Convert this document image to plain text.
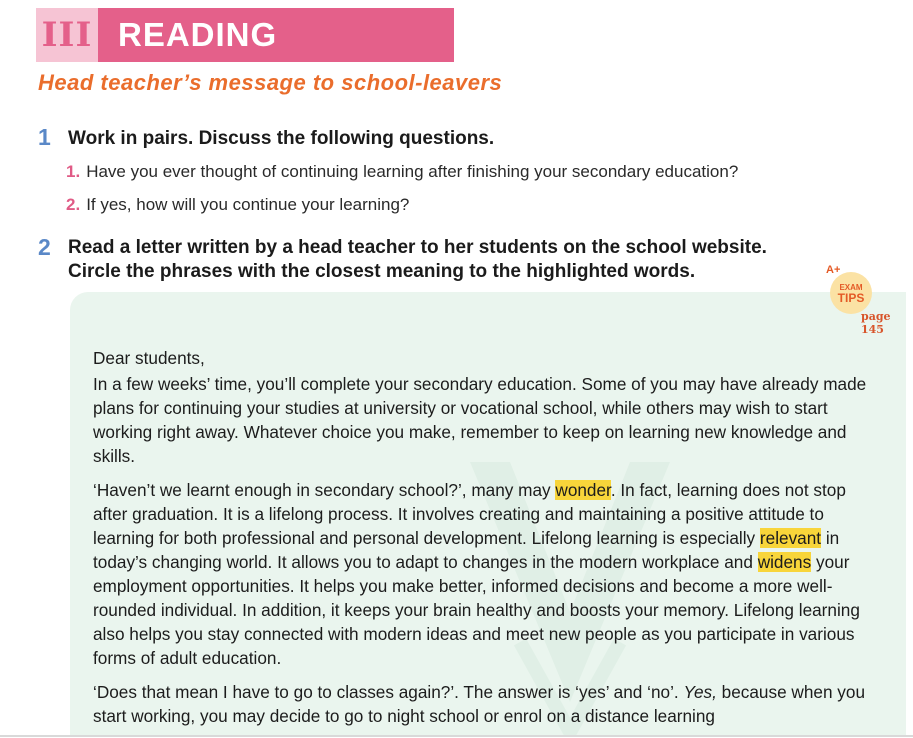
III READING
Head teacher’s message to school-leavers
1 Work in pairs. Discuss the following questions.
1. Have you ever thought of continuing learning after finishing your secondary education?
2. If yes, how will you continue your learning?
2 Read a letter written by a head teacher to her students on the school website.
Circle the phrases with the closest meaning to the highlighted words.
EXAM
TIPS
A+
page 145

Dear students,

In a few weeks’ time, you’ll complete your secondary education. Some of you may have already made plans for continuing your studies at university or vocational school, while others may wish to start working right away. Whatever choice you make, remember to keep on learning new knowledge and skills.

‘Haven’t we learnt enough in secondary school?’, many may wonder. In fact, learning does not stop after graduation. It is a lifelong process. It involves creating and maintaining a positive attitude to learning for both professional and personal development. Lifelong learning is especially relevant in today’s changing world. It allows you to adapt to changes in the modern workplace and widens your employment opportunities. It helps you make better, informed decisions and become a more well-rounded individual. In addition, it keeps your brain healthy and boosts your memory. Lifelong learning also helps you stay connected with modern ideas and meet new people as you participate in various forms of adult education.

‘Does that mean I have to go to classes again?’. The answer is ‘yes’ and ‘no’. Yes, because when you start working, you may decide to go to night school or enrol on a distance learning
